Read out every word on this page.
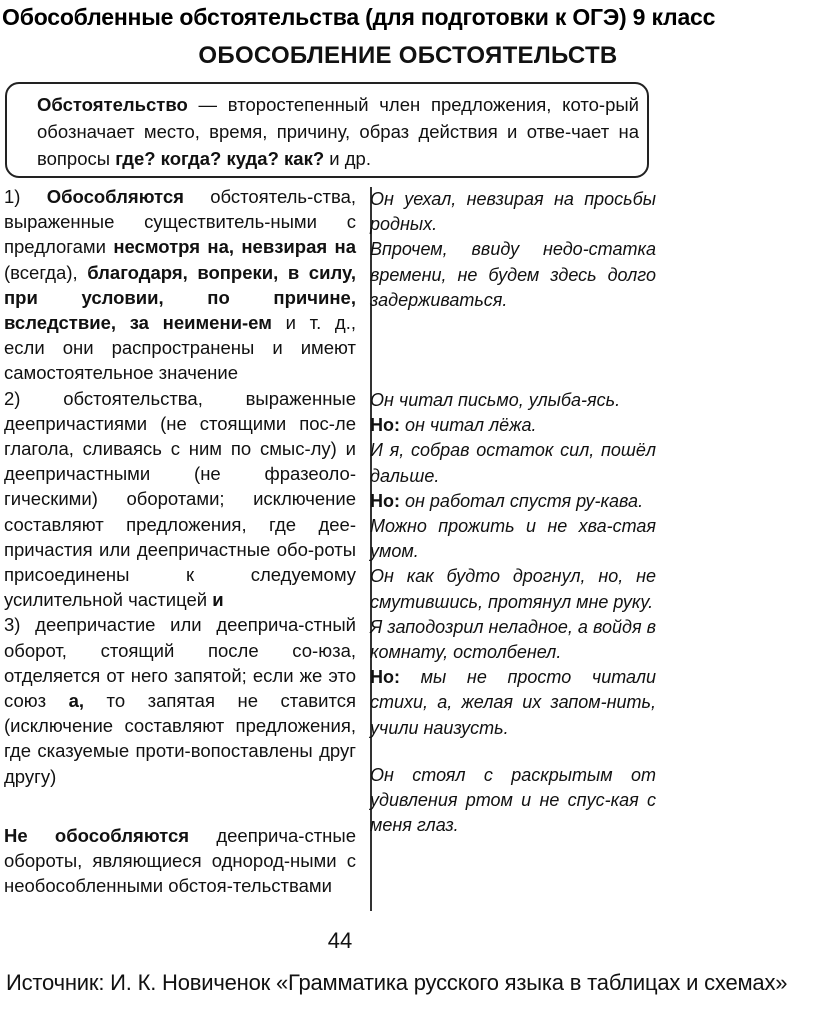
Обособленные обстоятельства (для подготовки к ОГЭ) 9 класс
ОБОСОБЛЕНИЕ ОБСТОЯТЕЛЬСТВ
Обстоятельство — второстепенный член предложения, кото-рый обозначает место, время, причину, образ действия и отве-чает на вопросы где? когда? куда? как? и др.

1) Обособляются обстоятель-ства, выраженные существитель-ными с предлогами несмотря на, невзирая на (всегда), благодаря, вопреки, в силу, при условии, по причине, вследствие, за неимени-ем и т. д., если они распространены и имеют самостоятельное значение

2) обстоятельства, выраженные деепричастиями (не стоящими пос-ле глагола, сливаясь с ним по смыс-лу) и деепричастными (не фразеоло-гическими) оборотами; исключение составляют предложения, где дее-причастия или деепричастные обо-роты присоединены к следуемому усилительной частицей и

3) деепричастие или дееприча-стный оборот, стоящий после со-юза, отделяется от него запятой; если же это союз а, то запятая не ставится (исключение составляют предложения, где сказуемые проти-вопоставлены друг другу)

Не обособляются дееприча-стные обороты, являющиеся однород-ными с необособленными обстоя-тельствами

Он уехал, невзирая на просьбы родных.

Впрочем, ввиду недо-статка времени, не будем здесь долго задерживаться.

Он читал письмо, улыба-ясь.

Но: он читал лёжа.

И я, собрав остаток сил, пошёл дальше.

Но: он работал спустя ру-кава.

Можно прожить и не хва-стая умом.

Он как будто дрогнул, но, не смутившись, протянул мне руку.

Я заподозрил неладное, а войдя в комнату, остолбенел.

Но: мы не просто читали стихи, а, желая их запом-нить, учили наизусть.

Он стоял с раскрытым от удивления ртом и не спус-кая с меня глаз.

44
Источник: И. К. Новиченок «Грамматика русского языка в таблицах и схемах»
